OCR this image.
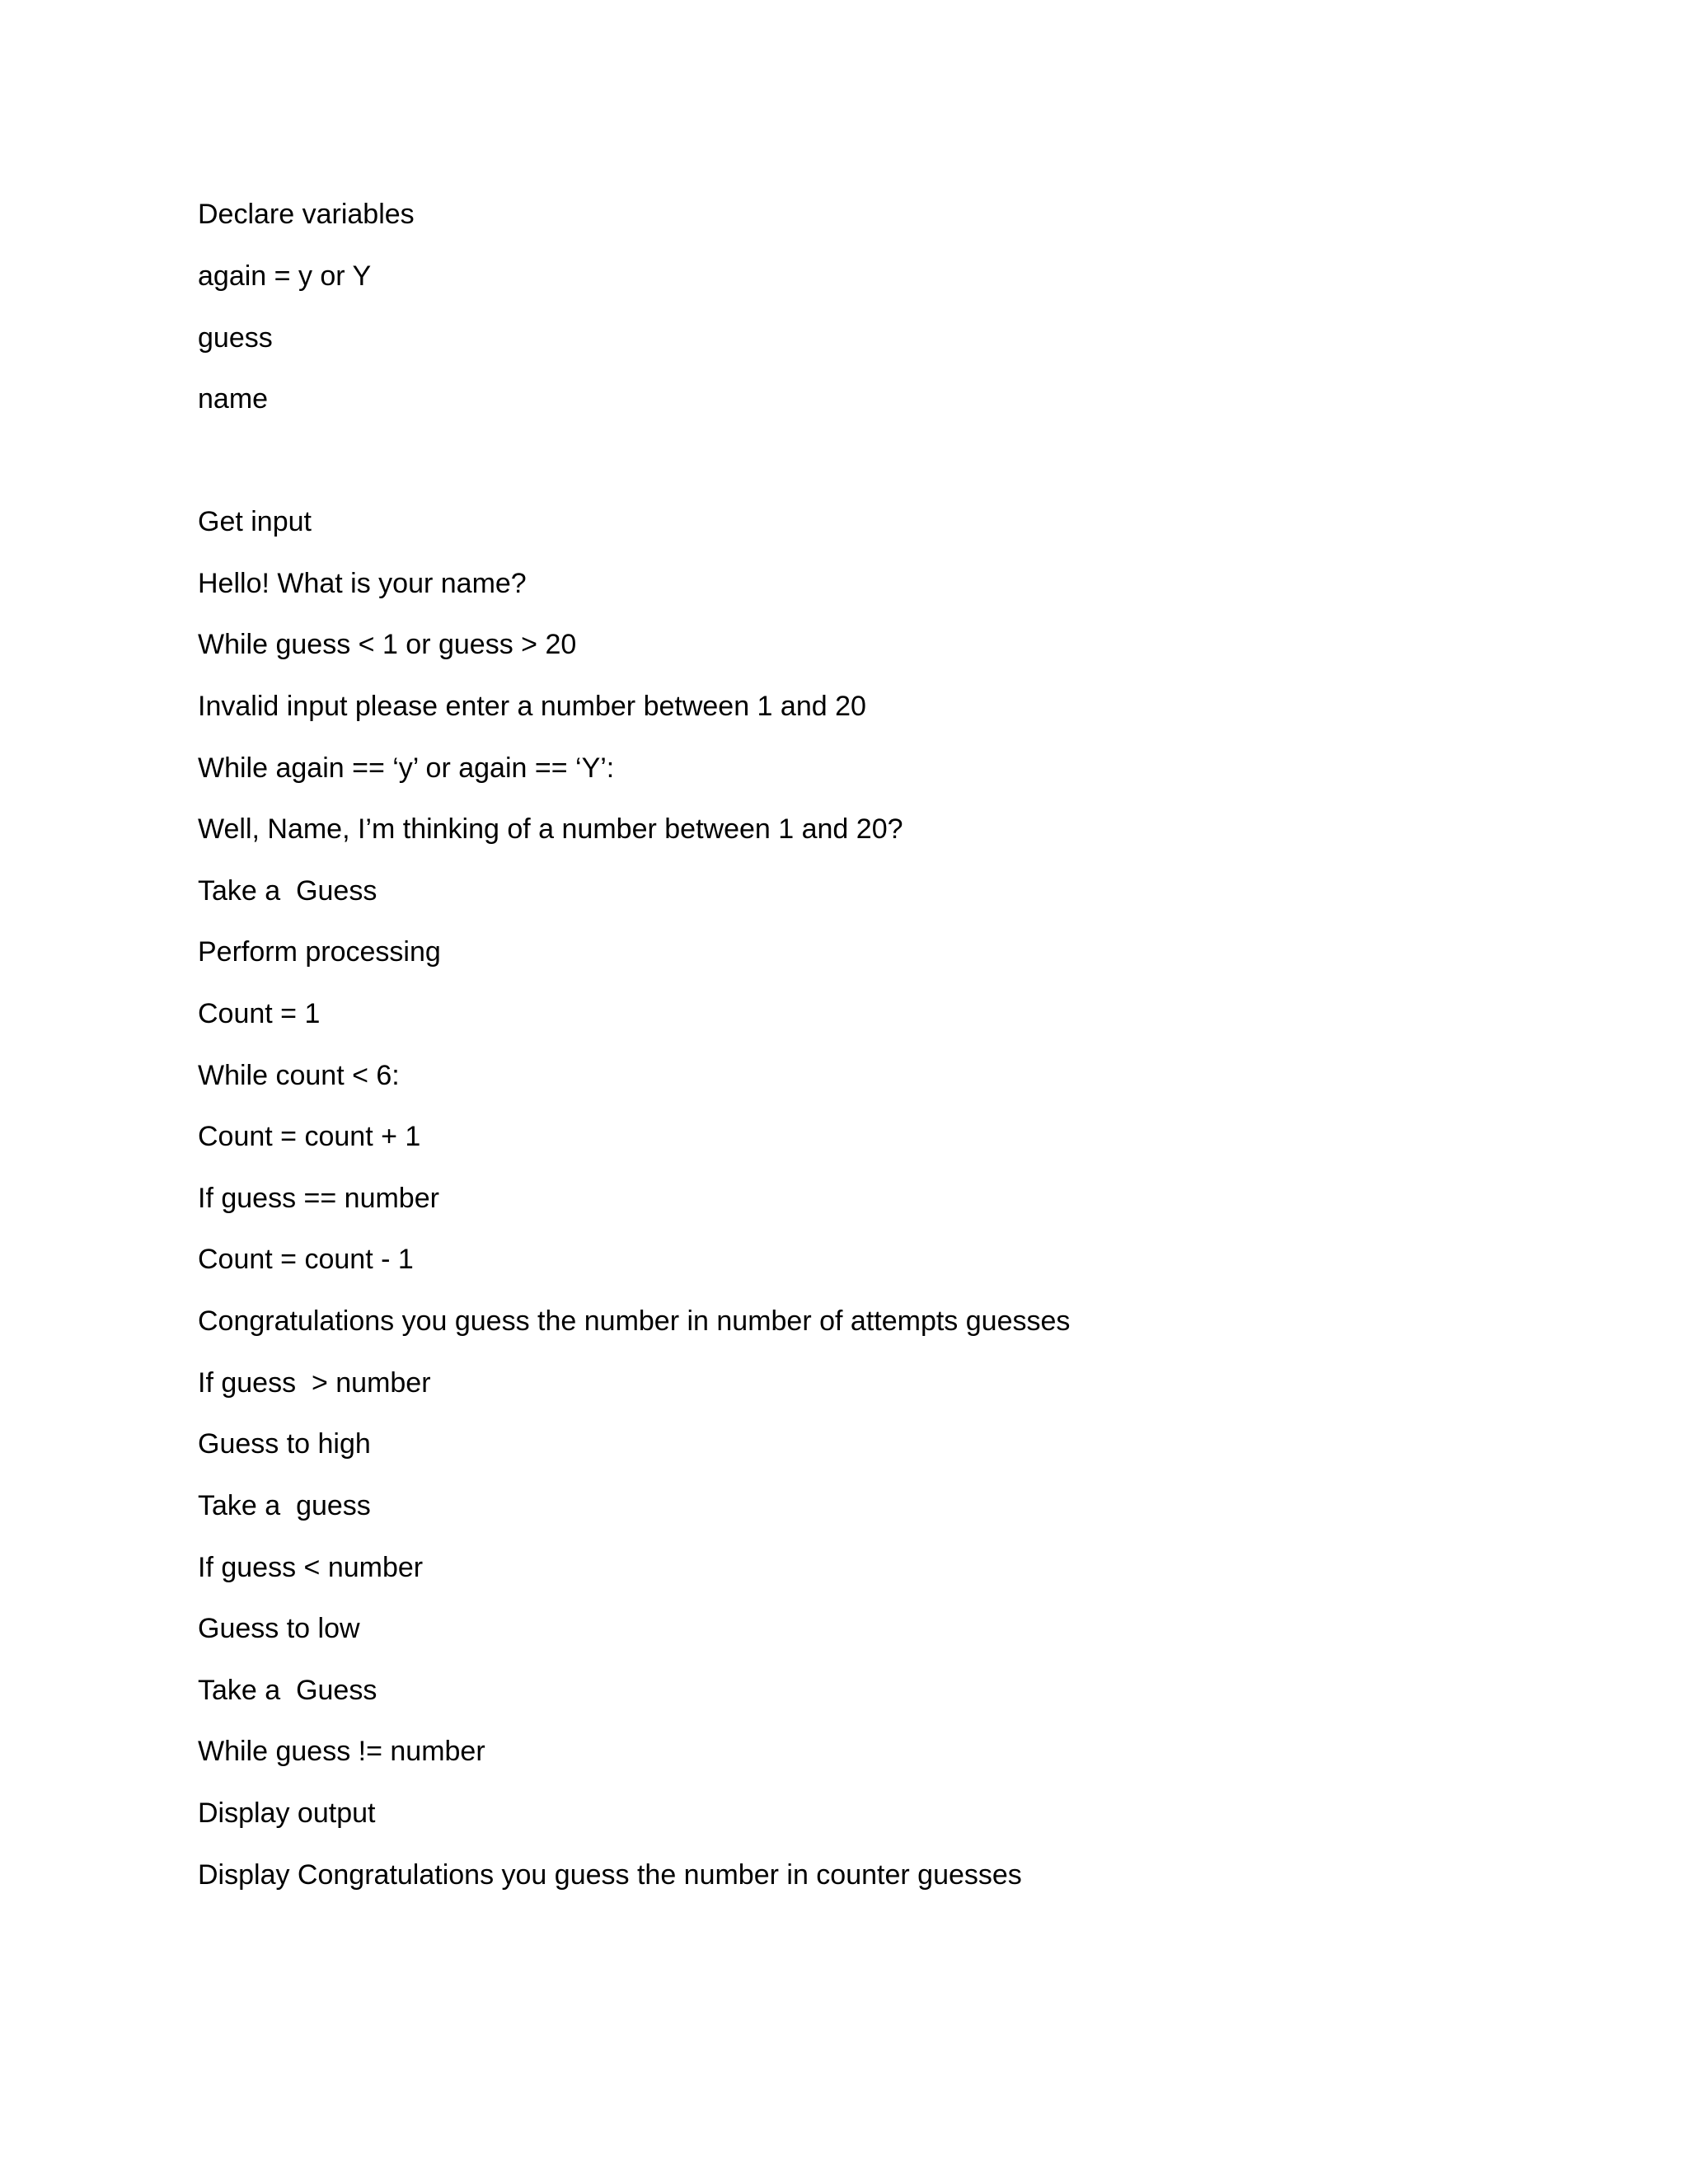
Declare variables

again = y or Y

guess

name

Get input

Hello! What is your name?

While guess < 1 or guess > 20

Invalid input please enter a number between 1 and 20

While again == ‘y’ or again == ‘Y’:

Well, Name, I’m thinking of a number between 1 and 20?

Take a  Guess

Perform processing

Count = 1

While count < 6:

Count = count + 1

If guess == number

Count = count - 1

Congratulations you guess the number in number of attempts guesses

If guess  > number

Guess to high

Take a  guess

If guess < number

Guess to low

Take a  Guess

While guess != number

Display output

Display Congratulations you guess the number in counter guesses
